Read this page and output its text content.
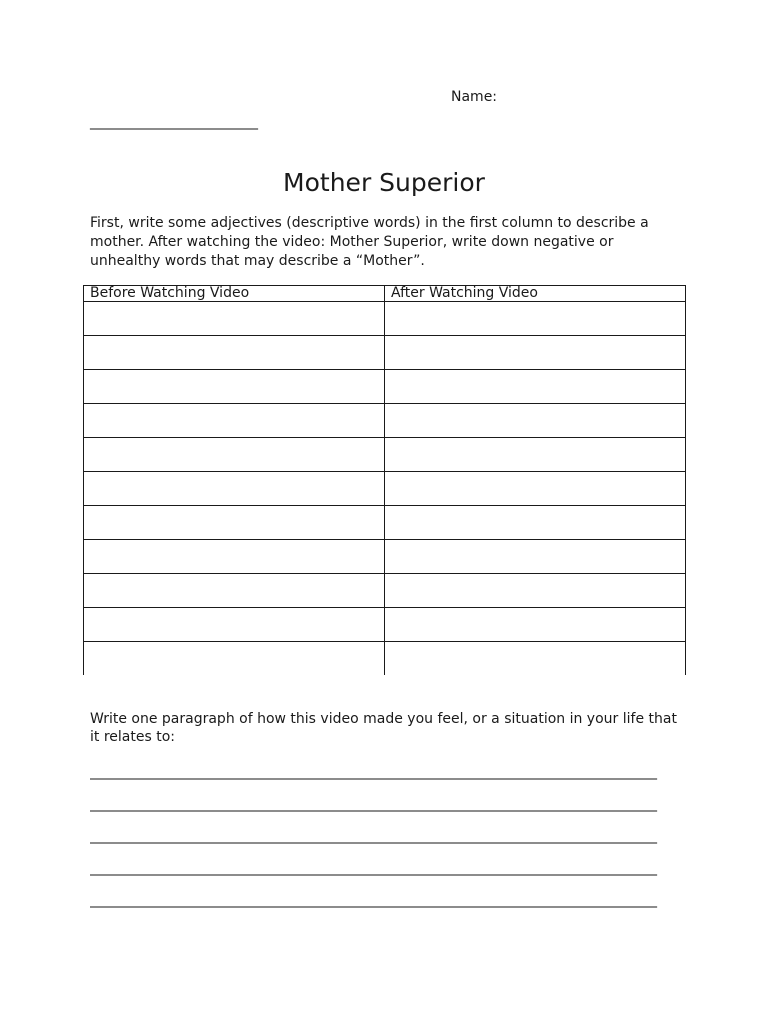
Name:
________________________
Mother Superior
First, write some adjectives (descriptive words) in the first column to describe a mother. After watching the video: Mother Superior, write down negative or unhealthy words that may describe a “Mother”.
Before Watching Video	After Watching Video

Write one paragraph of how this video made you feel, or a situation in your life that it relates to:
_________________________________________________________________________________
_________________________________________________________________________________
_________________________________________________________________________________
_________________________________________________________________________________
_________________________________________________________________________________
